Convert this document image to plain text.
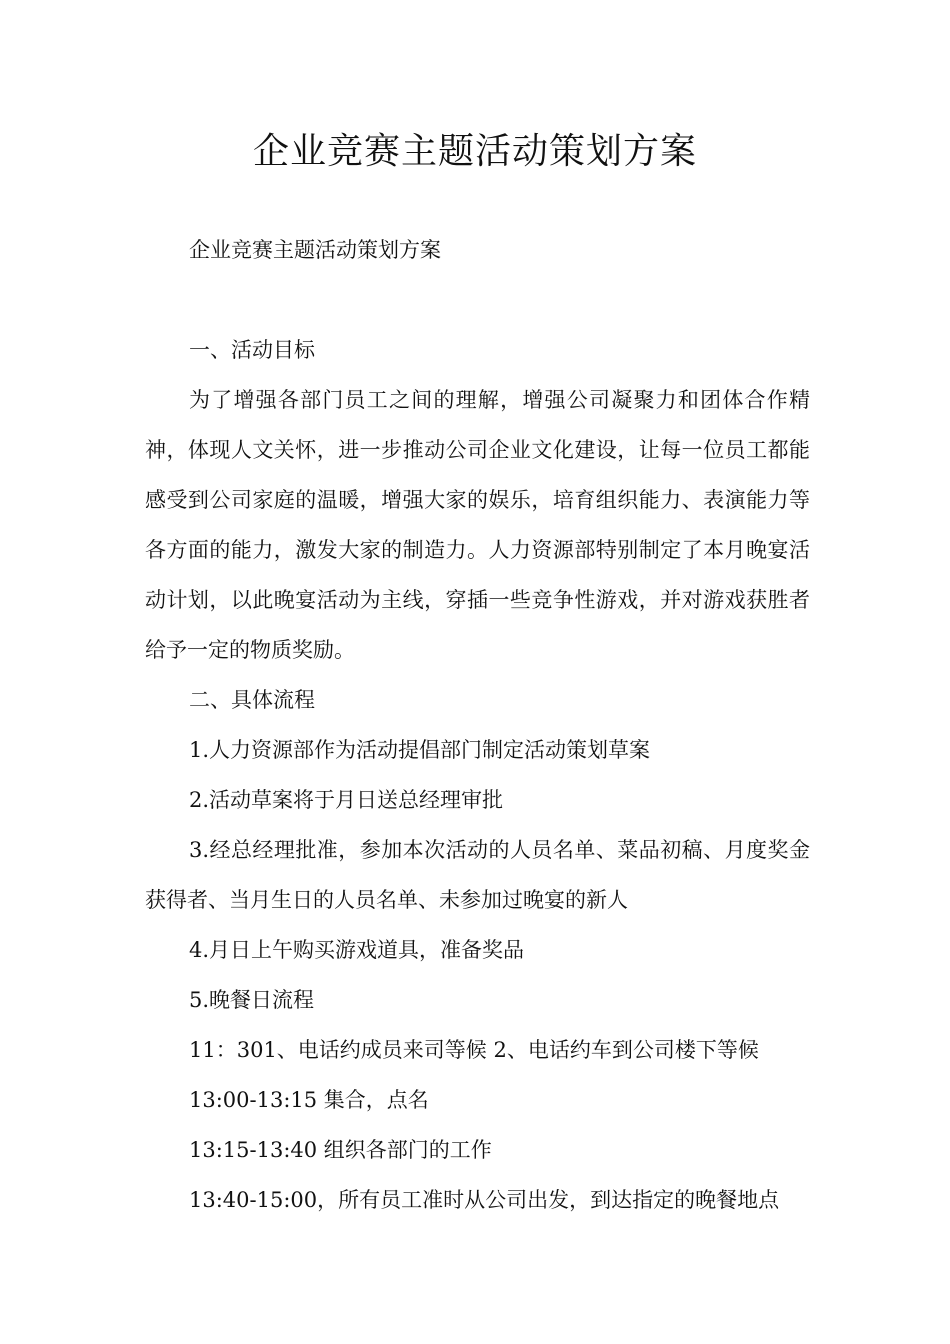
企业竞赛主题活动策划方案

企业竞赛主题活动策划方案

一、活动目标

为了增强各部门员工之间的理解，增强公司凝聚力和团体合作精神，体现人文关怀，进一步推动公司企业文化建设，让每一位员工都能感受到公司家庭的温暖，增强大家的娱乐，培育组织能力、表演能力等各方面的能力，激发大家的制造力。人力资源部特别制定了本月晚宴活动计划，以此晚宴活动为主线，穿插一些竞争性游戏，并对游戏获胜者给予一定的物质奖励。

二、具体流程

1.人力资源部作为活动提倡部门制定活动策划草案

2.活动草案将于月日送总经理审批

3.经总经理批准，参加本次活动的人员名单、菜品初稿、月度奖金获得者、当月生日的人员名单、未参加过晚宴的新人

4.月日上午购买游戏道具，准备奖品

5.晚餐日流程

11：301、电话约成员来司等候 2、电话约车到公司楼下等候

13:00-13:15 集合，点名

13:15-13:40 组织各部门的工作

13:40-15:00，所有员工准时从公司出发，到达指定的晚餐地点
